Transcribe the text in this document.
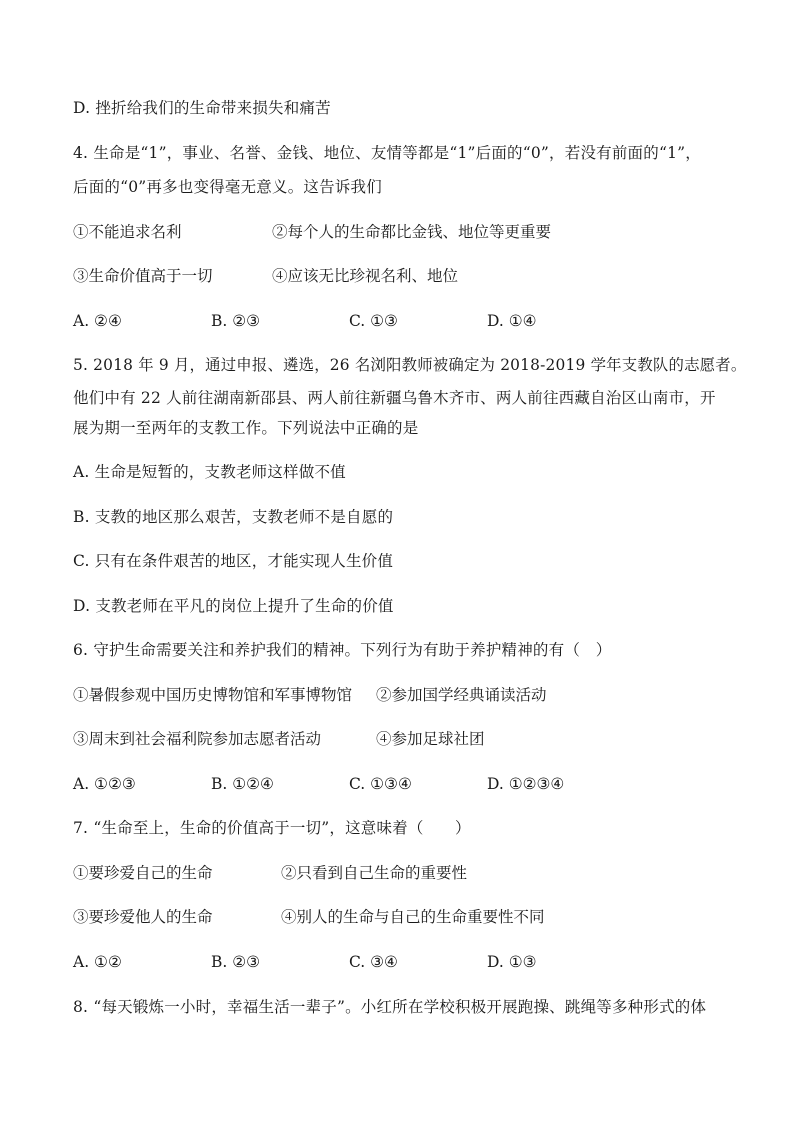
D. 挫折给我们的生命带来损失和痛苦
4. 生命是“1”，事业、名誉、金钱、地位、友情等都是“1”后面的“0”，若没有前面的“1”，
后面的“0”再多也变得毫无意义。这告诉我们
①不能追求名利	②每个人的生命都比金钱、地位等更重要
③生命价值高于一切	④应该无比珍视名利、地位
A. ②④	B. ②③	C. ①③	D. ①④
5. 2018 年 9 月，通过申报、遴选，26 名浏阳教师被确定为 2018-2019 学年支教队的志愿者。
他们中有 22 人前往湖南新邵县、两人前往新疆乌鲁木齐市、两人前往西藏自治区山南市，开
展为期一至两年的支教工作。下列说法中正确的是
A. 生命是短暂的，支教老师这样做不值
B. 支教的地区那么艰苦，支教老师不是自愿的
C. 只有在条件艰苦的地区，才能实现人生价值
D. 支教老师在平凡的岗位上提升了生命的价值
6. 守护生命需要关注和养护我们的精神。下列行为有助于养护精神的有（　）
①暑假参观中国历史博物馆和军事博物馆 ②参加国学经典诵读活动
③周末到社会福利院参加志愿者活动	④参加足球社团
A. ①②③	B. ①②④	C. ①③④	D. ①②③④
7. “生命至上，生命的价值高于一切”，这意味着（　　）
①要珍爱自己的生命	②只看到自己生命的重要性
③要珍爱他人的生命	④别人的生命与自己的生命重要性不同
A. ①②	B. ②③	C. ③④	D. ①③
8. “每天锻炼一小时，幸福生活一辈子”。小红所在学校积极开展跑操、跳绳等多种形式的体
